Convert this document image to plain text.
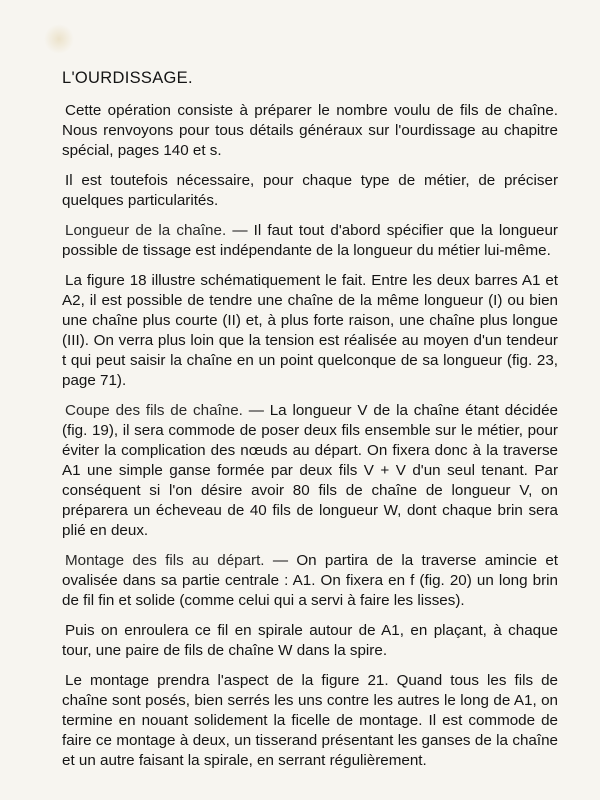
L'OURDISSAGE.

Cette opération consiste à préparer le nombre voulu de fils de chaîne. Nous renvoyons pour tous détails généraux sur l'ourdissage au chapitre spécial, pages 140 et s.

Il est toutefois nécessaire, pour chaque type de métier, de préciser quelques particularités.

Longueur de la chaîne. — Il faut tout d'abord spécifier que la longueur possible de tissage est indépendante de la longueur du métier lui-même.

La figure 18 illustre schématiquement le fait. Entre les deux barres A1 et A2, il est possible de tendre une chaîne de la même longueur (I) ou bien une chaîne plus courte (II) et, à plus forte raison, une chaîne plus longue (III). On verra plus loin que la tension est réalisée au moyen d'un tendeur t qui peut saisir la chaîne en un point quelconque de sa longueur (fig. 23, page 71).

Coupe des fils de chaîne. — La longueur V de la chaîne étant décidée (fig. 19), il sera commode de poser deux fils ensemble sur le métier, pour éviter la complication des nœuds au départ. On fixera donc à la traverse A1 une simple ganse formée par deux fils V + V d'un seul tenant. Par conséquent si l'on désire avoir 80 fils de chaîne de longueur V, on préparera un écheveau de 40 fils de longueur W, dont chaque brin sera plié en deux.

Montage des fils au départ. — On partira de la traverse amincie et ovalisée dans sa partie centrale : A1. On fixera en f (fig. 20) un long brin de fil fin et solide (comme celui qui a servi à faire les lisses).

Puis on enroulera ce fil en spirale autour de A1, en plaçant, à chaque tour, une paire de fils de chaîne W dans la spire.

Le montage prendra l'aspect de la figure 21. Quand tous les fils de chaîne sont posés, bien serrés les uns contre les autres le long de A1, on termine en nouant solidement la ficelle de montage. Il est commode de faire ce montage à deux, un tisserand présentant les ganses de la chaîne et un autre faisant la spirale, en serrant régulièrement.
